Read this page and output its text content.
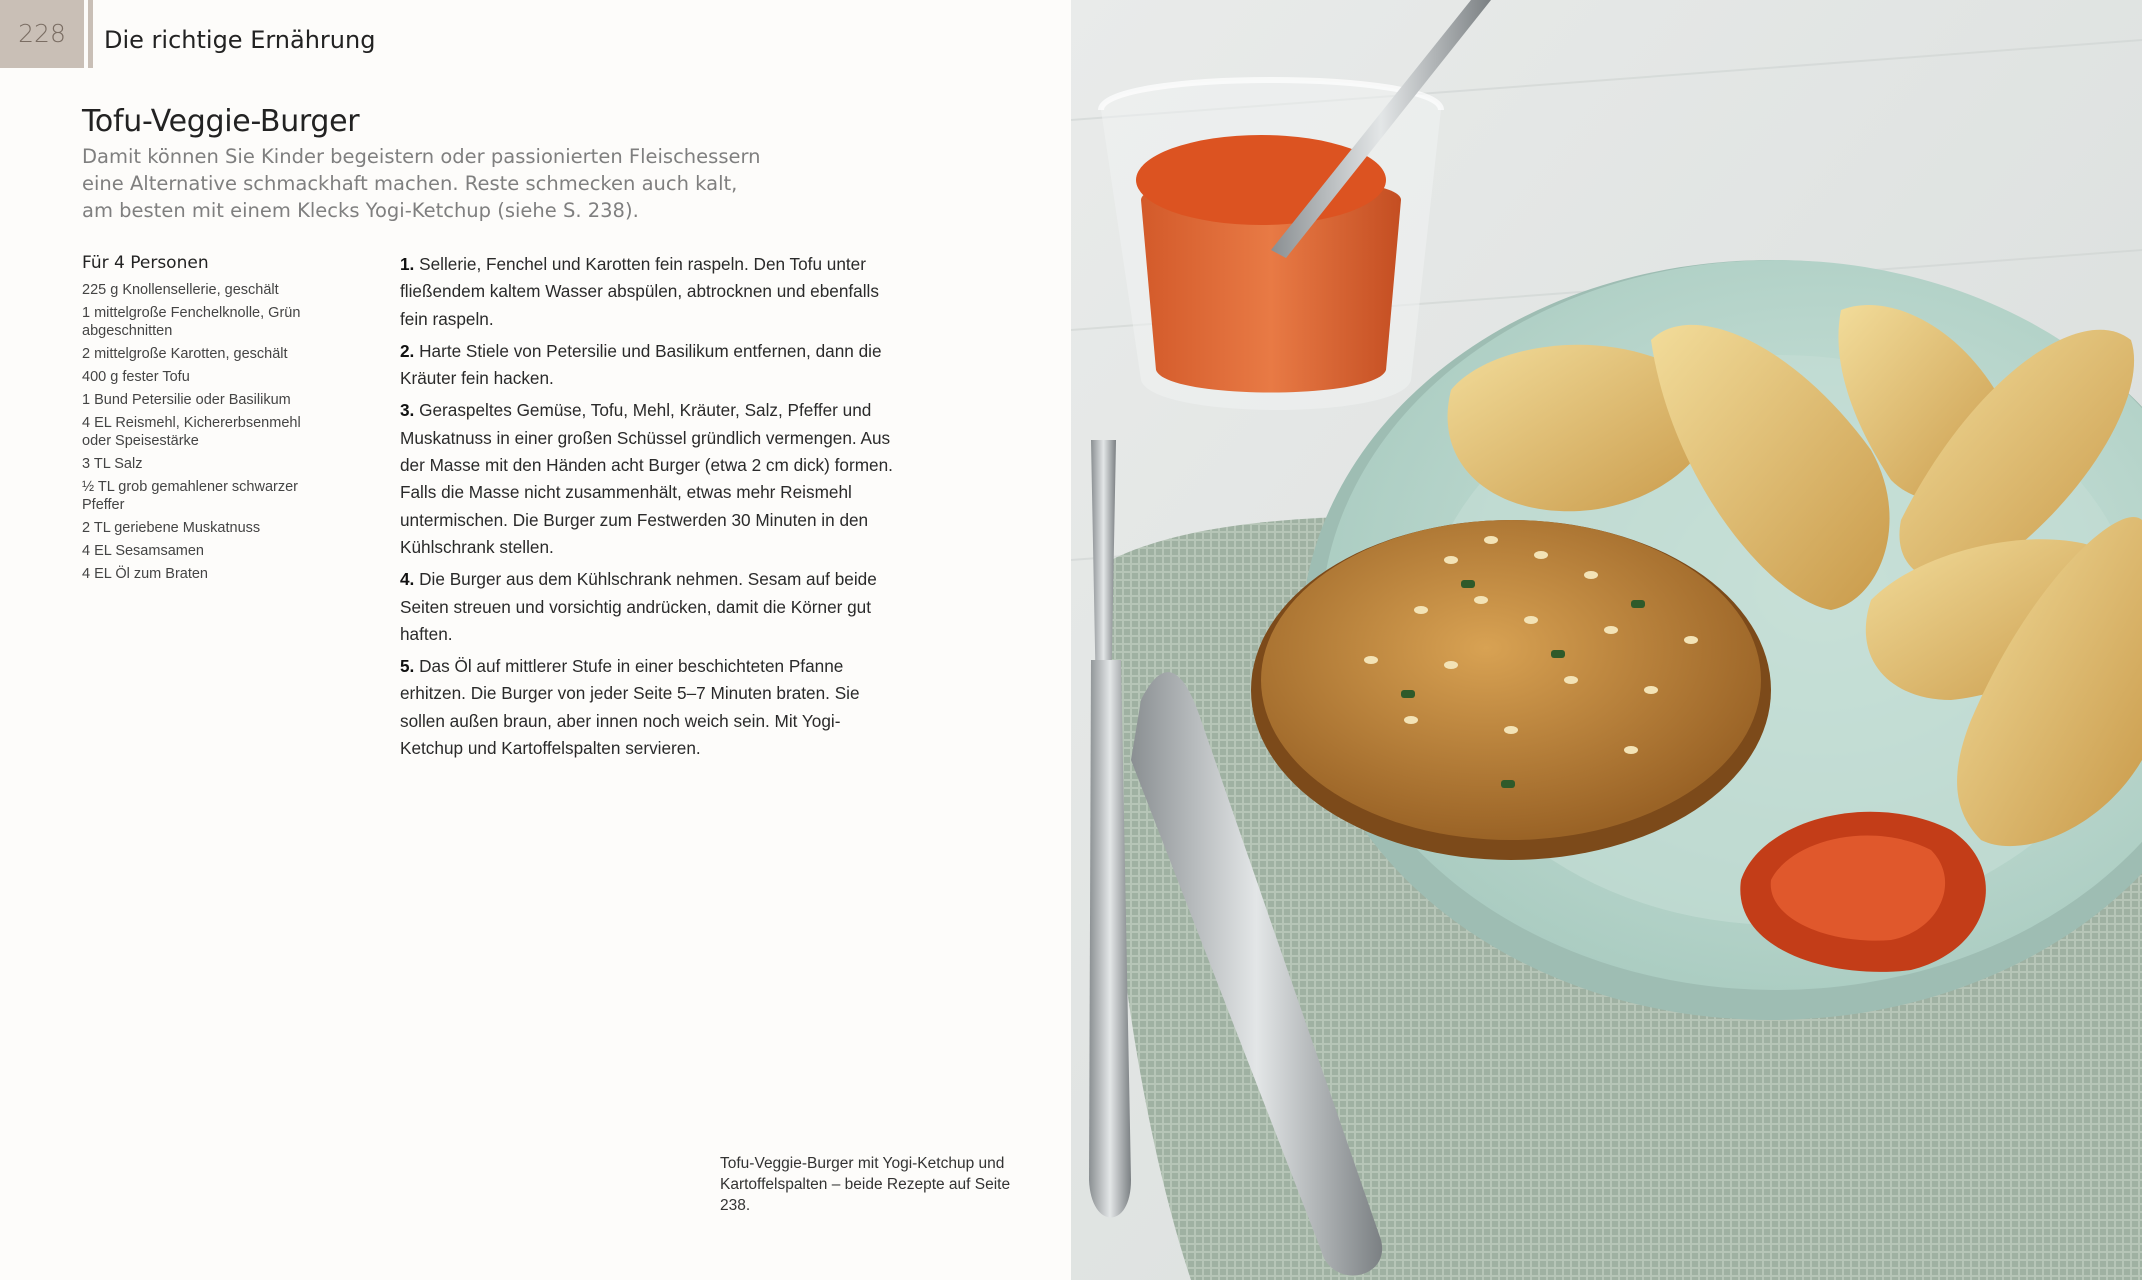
228	Die richtige Ernährung
Tofu-Veggie-Burger
Damit können Sie Kinder begeistern oder passionierten Fleischessern eine Alternative schmackhaft machen. Reste schmecken auch kalt, am besten mit einem Klecks Yogi-Ketchup (siehe S. 238).
Für 4 Personen
225 g Knollensellerie, geschält
1 mittelgroße Fenchelknolle, Grün abgeschnitten
2 mittelgroße Karotten, geschält
400 g fester Tofu
1 Bund Petersilie oder Basilikum
4 EL Reismehl, Kichererbsenmehl oder Speisestärke
3 TL Salz
½ TL grob gemahlener schwarzer Pfeffer
2 TL geriebene Muskatnuss
4 EL Sesamsamen
4 EL Öl zum Braten
1. Sellerie, Fenchel und Karotten fein raspeln. Den Tofu unter fließendem kaltem Wasser abspülen, abtrocknen und ebenfalls fein raspeln.
2. Harte Stiele von Petersilie und Basilikum entfernen, dann die Kräuter fein hacken.
3. Geraspeltes Gemüse, Tofu, Mehl, Kräuter, Salz, Pfeffer und Muskatnuss in einer großen Schüssel gründlich vermengen. Aus der Masse mit den Händen acht Burger (etwa 2 cm dick) formen. Falls die Masse nicht zusammenhält, etwas mehr Reismehl untermischen. Die Burger zum Festwerden 30 Minuten in den Kühlschrank stellen.
4. Die Burger aus dem Kühlschrank nehmen. Sesam auf beide Seiten streuen und vorsichtig andrücken, damit die Körner gut haften.
5. Das Öl auf mittlerer Stufe in einer beschichteten Pfanne erhitzen. Die Burger von jeder Seite 5–7 Minuten braten. Sie sollen außen braun, aber innen noch weich sein. Mit Yogi-Ketchup und Kartoffelspalten servieren.
Tofu-Veggie-Burger mit Yogi-Ketchup und Kartoffelspalten – beide Rezepte auf Seite 238.
